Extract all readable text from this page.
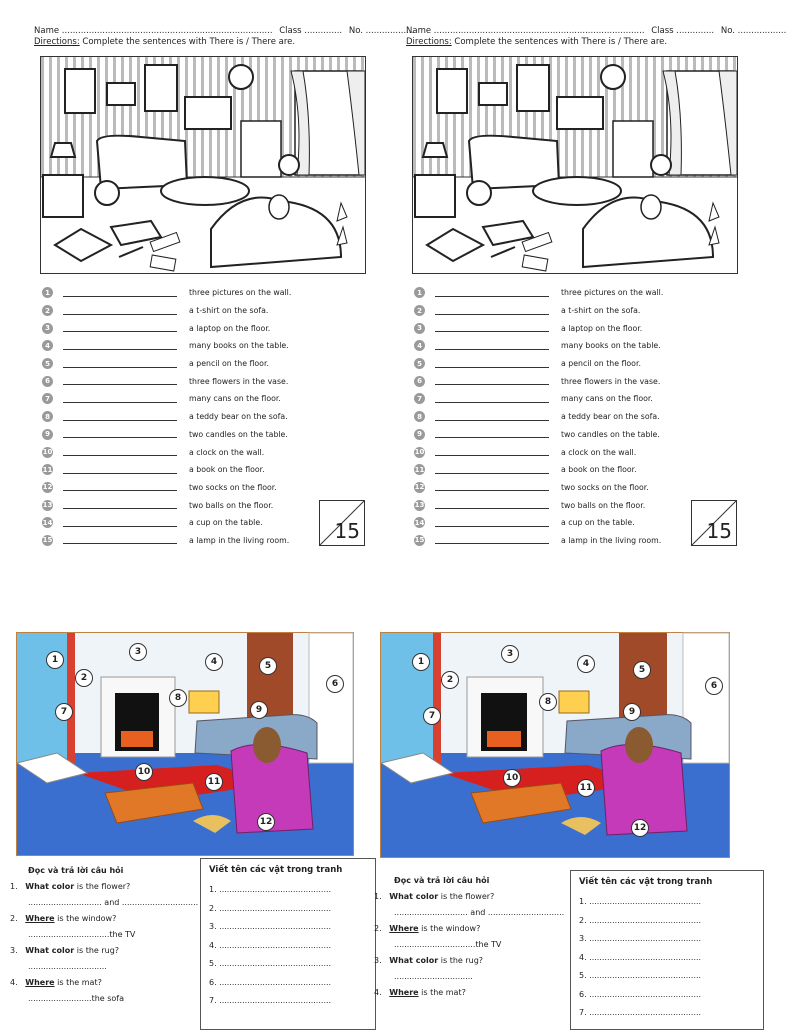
Name .............................................................................. Class .............. No. ..................
Directions: Complete the sentences with There is / There are.
1	three pictures on the wall.
2	a t-shirt on the sofa.
3	a laptop on the floor.
4	many books on the table.
5	a pencil on the floor.
6	three flowers in the vase.
7	many cans on the floor.
8	a teddy bear on the sofa.
9	two candles on the table.
10	a clock on the wall.
11	a book on the floor.
12	two socks on the floor.
13	two balls on the floor.
14	a cup on the table.
15	a lamp in the living room. 15
Name .............................................................................. Class .............. No. ..................
Directions: Complete the sentences with There is / There are.
1	three pictures on the wall.
2	a t-shirt on the sofa.
3	a laptop on the floor.
4	many books on the table.
5	a pencil on the floor.
6	three flowers in the vase.
7	many cans on the floor.
8	a teddy bear on the sofa.
9	two candles on the table.
10	a clock on the wall.
11	a book on the floor.
12	two socks on the floor.
13	two balls on the floor.
14	a cup on the table.
15	a lamp in the living room. 15
1
2
3
4	5
6
7
8
9
10
11
12
1
2
3
4
5
6
7
8
9
10
11
12
Đọc và trả lời câu hỏi
1.   What color is the flower?
............................. and ..............................
2.   Where is the window?
................................the TV
3.   What color is the rug?
...............................
4.   Where is the mat?
.........................the sofa
Viết tên các vật trong tranh
1. ............................................
2. ............................................
3. ............................................
4. ............................................
5. ............................................
6. ............................................
7. ............................................
Đọc và trả lời câu hỏi
1.   What color is the flower?
............................. and ..............................
2.   Where is the window?
................................the TV
3.   What color is the rug?
...............................
4.   Where is the mat?
Viết tên các vật trong tranh
1. ............................................
2. ............................................
3. ............................................
4. ............................................
5. ............................................
6. ............................................
7. ............................................
